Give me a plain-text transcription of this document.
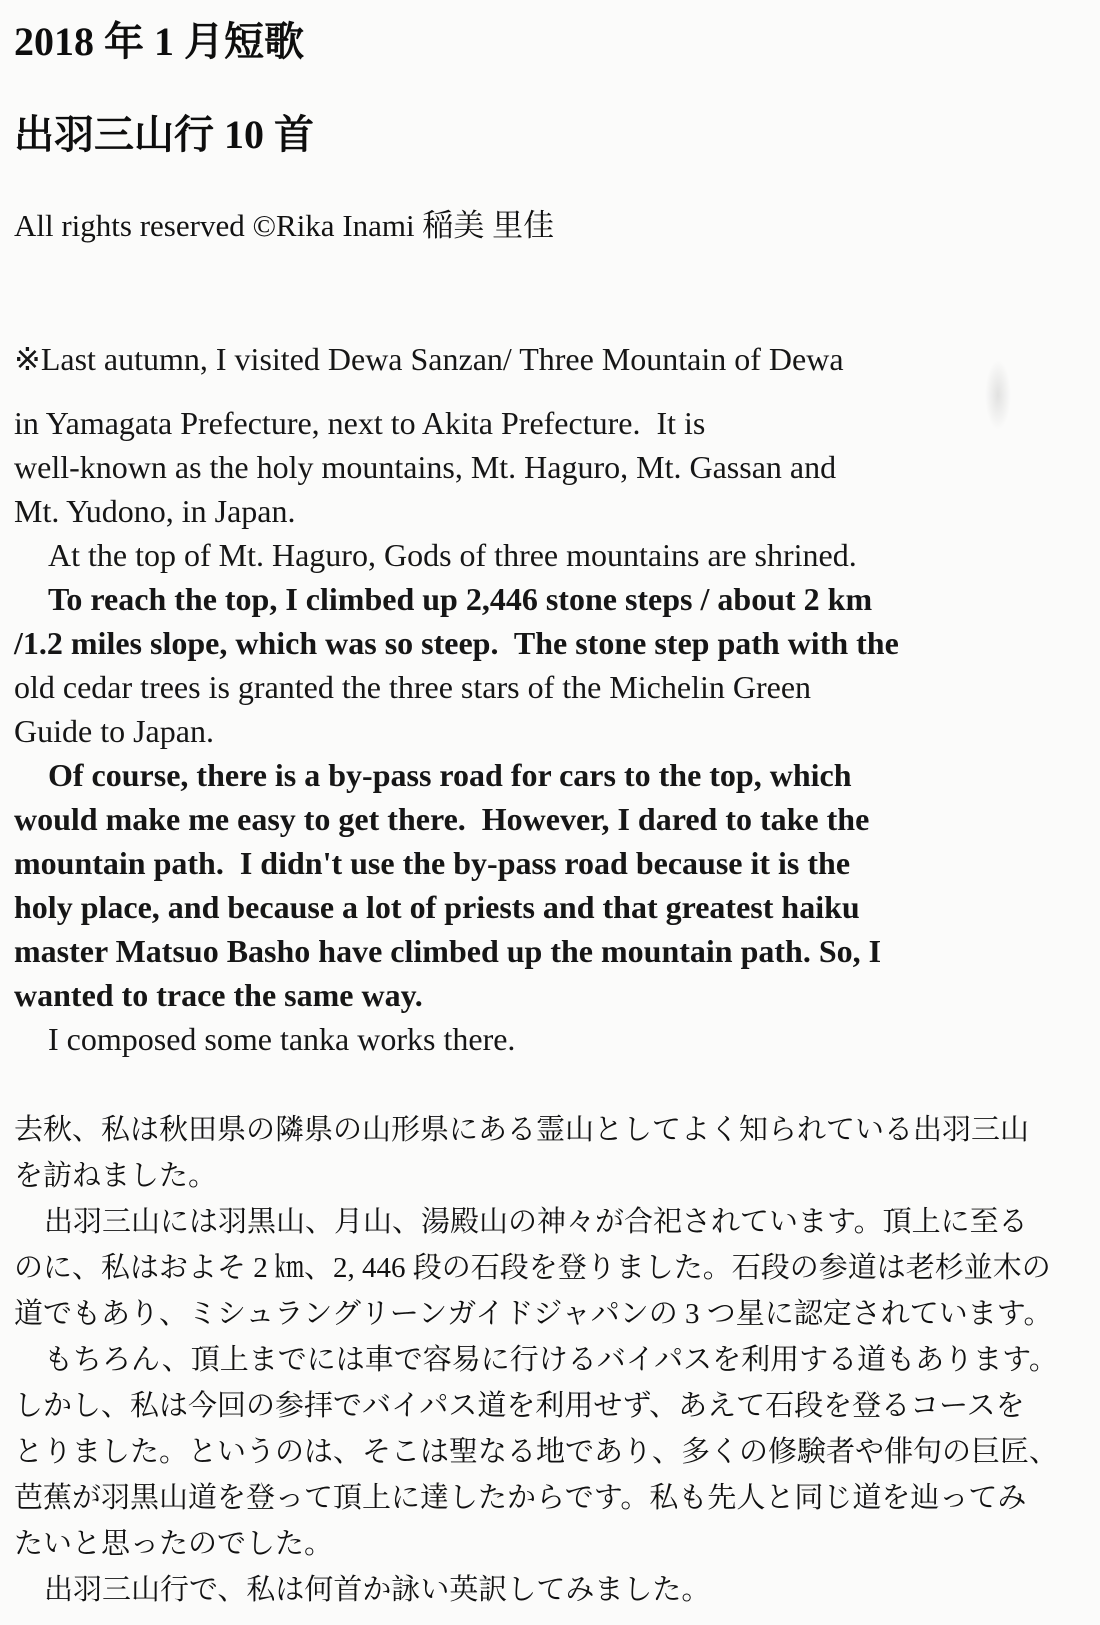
2018 年 1 月短歌
出羽三山行 10 首

All rights reserved ©Rika Inami 稲美 里佳

※Last autumn, I visited Dewa Sanzan/ Three Mountain of Dewa
in Yamagata Prefecture, next to Akita Prefecture.  It is
well-known as the holy mountains, Mt. Haguro, Mt. Gassan and
Mt. Yudono, in Japan.
At the top of Mt. Haguro, Gods of three mountains are shrined.
To reach the top, I climbed up 2,446 stone steps / about 2 km
/1.2 miles slope, which was so steep.  The stone step path with the
old cedar trees is granted the three stars of the Michelin Green
Guide to Japan.
Of course, there is a by-pass road for cars to the top, which
would make me easy to get there.  However, I dared to take the
mountain path.  I didn't use the by-pass road because it is the
holy place, and because a lot of priests and that greatest haiku
master Matsuo Basho have climbed up the mountain path. So, I
wanted to trace the same way.
I composed some tanka works there.
去秋、私は秋田県の隣県の山形県にある霊山としてよく知られている出羽三山
を訪ねました。
出羽三山には羽黒山、月山、湯殿山の神々が合祀されています。頂上に至る
のに、私はおよそ 2 ㎞、2, 446 段の石段を登りました。石段の参道は老杉並木の
道でもあり、ミシュラングリーンガイドジャパンの 3 つ星に認定されています。
もちろん、頂上までには車で容易に行けるバイパスを利用する道もあります。
しかし、私は今回の参拝でバイパス道を利用せず、あえて石段を登るコースを
とりました。というのは、そこは聖なる地であり、多くの修験者や俳句の巨匠、
芭蕉が羽黒山道を登って頂上に達したからです。私も先人と同じ道を辿ってみ
たいと思ったのでした。
出羽三山行で、私は何首か詠い英訳してみました。
